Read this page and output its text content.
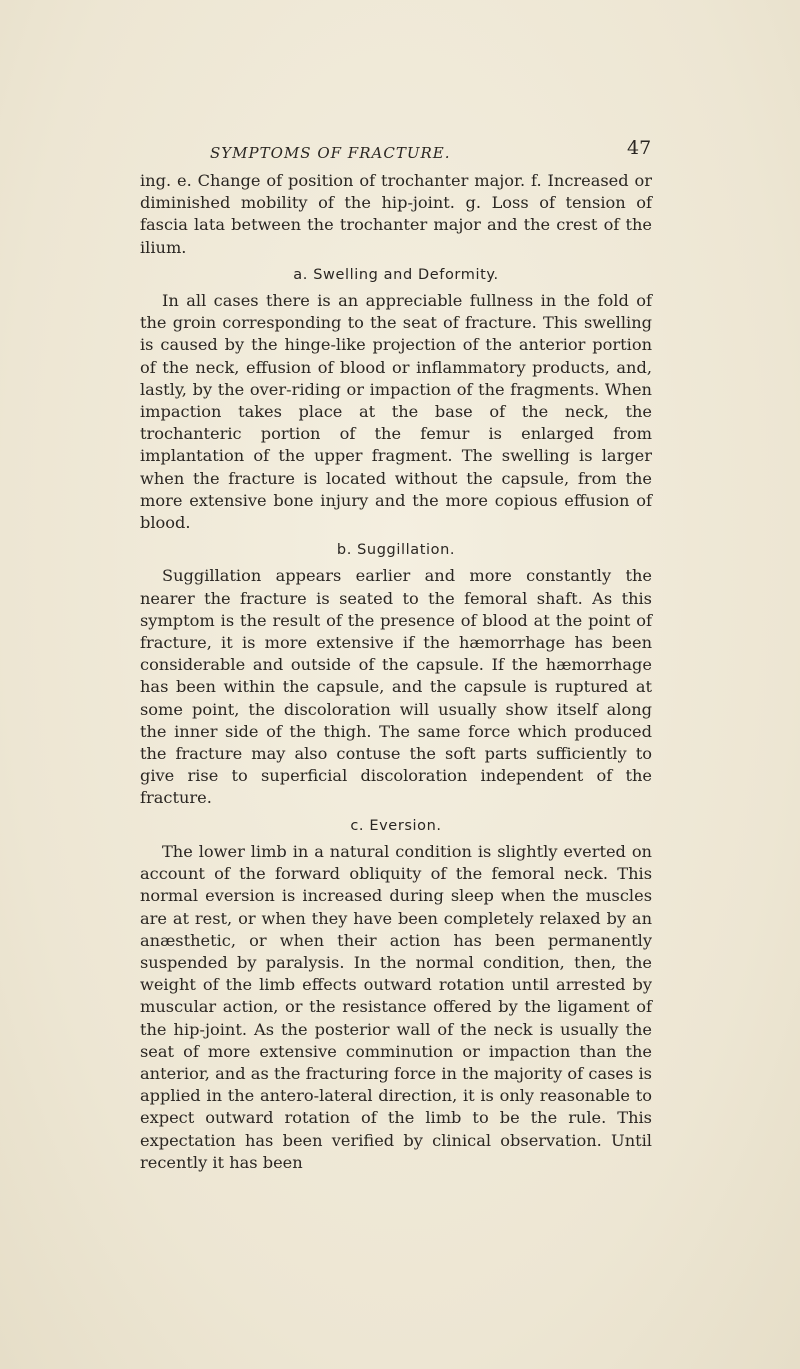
SYMPTOMS OF FRACTURE.	47

ing. e. Change of position of trochanter major. f. Increased or diminished mobility of the hip-joint. g. Loss of tension of fascia lata between the trochanter major and the crest of the ilium.

a. Swelling and Deformity.

In all cases there is an appreciable fullness in the fold of the groin corresponding to the seat of fracture. This swelling is caused by the hinge-like projection of the anterior portion of the neck, effusion of blood or inflammatory products, and, lastly, by the over-riding or impaction of the fragments. When impaction takes place at the base of the neck, the trochanteric portion of the femur is enlarged from implantation of the upper fragment. The swelling is larger when the fracture is located without the capsule, from the more extensive bone injury and the more copious effusion of blood.

b. Suggillation.

Suggillation appears earlier and more constantly the nearer the fracture is seated to the femoral shaft. As this symptom is the result of the presence of blood at the point of fracture, it is more extensive if the hæmorrhage has been considerable and outside of the capsule. If the hæmorrhage has been within the capsule, and the capsule is ruptured at some point, the discoloration will usually show itself along the inner side of the thigh. The same force which produced the fracture may also contuse the soft parts sufficiently to give rise to superficial discoloration independent of the fracture.

c. Eversion.

The lower limb in a natural condition is slightly everted on account of the forward obliquity of the femoral neck. This normal eversion is increased during sleep when the muscles are at rest, or when they have been completely relaxed by an anæsthetic, or when their action has been permanently suspended by paralysis. In the normal condition, then, the weight of the limb effects outward rotation until arrested by muscular action, or the resistance offered by the ligament of the hip-joint. As the posterior wall of the neck is usually the seat of more extensive comminution or impaction than the anterior, and as the fracturing force in the majority of cases is applied in the antero-lateral direction, it is only reasonable to expect outward rotation of the limb to be the rule. This expectation has been verified by clinical observation. Until recently it has been
